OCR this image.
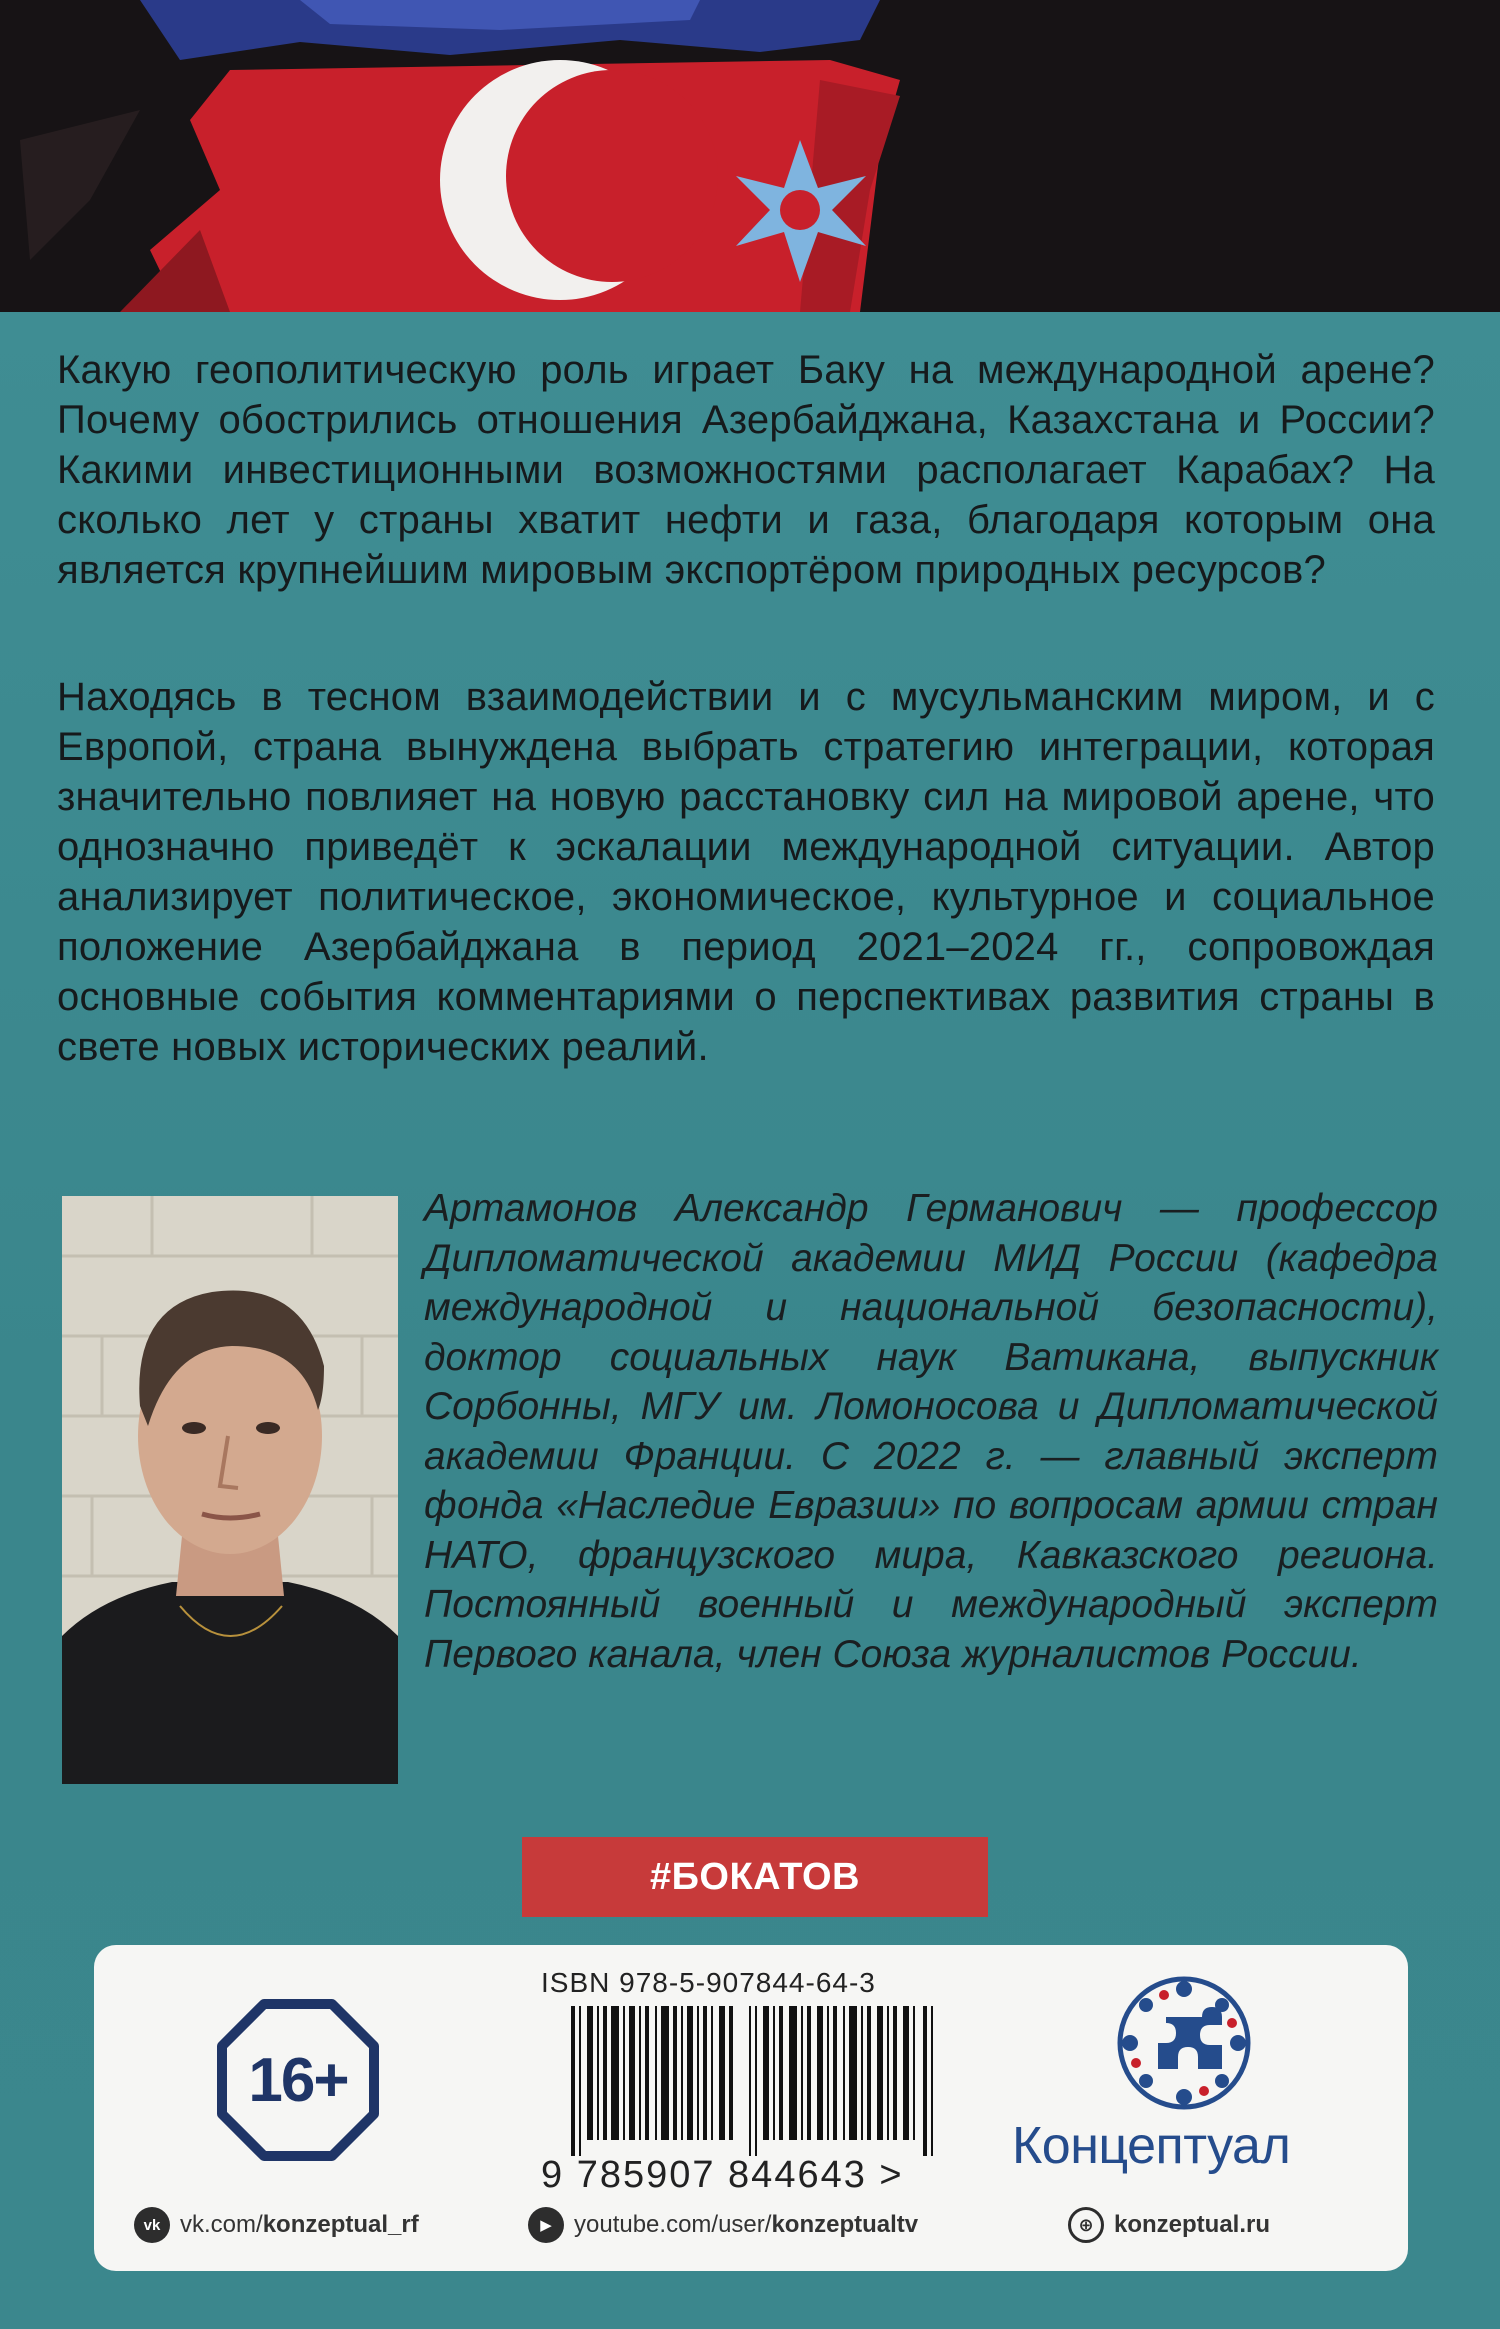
Какую геополитическую роль играет Баку на международной арене? Почему обострились отношения Азербайджана, Казахстана и России? Какими инвестиционными возможностями располагает Карабах? На сколько лет у страны хватит нефти и газа, благодаря которым она является крупнейшим мировым экспортёром природных ресурсов?

Находясь в тесном взаимодействии и с мусульманским миром, и с Европой, страна вынуждена выбрать стратегию интеграции, которая значительно повлияет на новую расстановку сил на мировой арене, что однозначно приведёт к эскалации международной ситуации. Автор анализирует политическое, экономическое, культурное и социальное положение Азербайджана в период 2021–2024 гг., сопровождая основные события комментариями о перспективах развития страны в свете новых исторических реалий.

Артамонов Александр Германович — профессор Дипломатической академии МИД России (кафедра международной и национальной безопасности), доктор социальных наук Ватикана, выпускник Сорбонны, МГУ им. Ломоносова и Дипломатической академии Франции. С 2022 г. — главный эксперт фонда «Наследие Евразии» по вопросам армии стран НАТО, французского мира, Кавказского региона. Постоянный военный и международный эксперт Первого канала, член Союза журналистов России.

#БОКАТОВ
16+
ISBN 978-5-907844-64-3
9 785907 844643 > Концептуал
vk vk.com/ konzeptual_rf	▶ youtube.com/user/ konzeptualtv	⊕ konzeptual.ru
